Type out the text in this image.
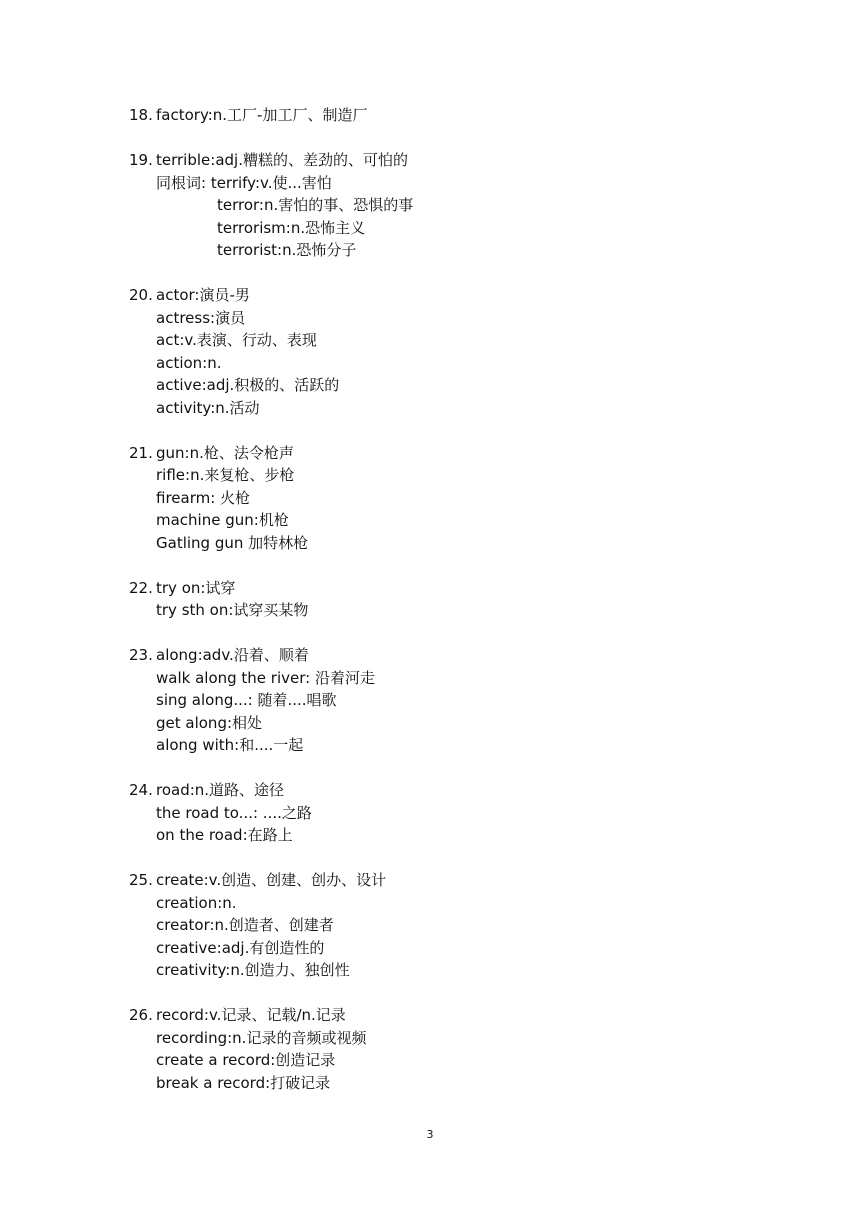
18. factory:n.工厂-加工厂、制造厂
19. terrible:adj.糟糕的、差劲的、可怕的
同根词: terrify:v.使...害怕
terror:n.害怕的事、恐惧的事
terrorism:n.恐怖主义
terrorist:n.恐怖分子
20. actor:演员-男
actress:演员
act:v.表演、行动、表现
action:n.
active:adj.积极的、活跃的
activity:n.活动
21. gun:n.枪、法令枪声
rifle:n.来复枪、步枪
firearm: 火枪
machine gun:机枪
Gatling gun 加特林枪
22. try on:试穿
try sth on:试穿买某物
23. along:adv.沿着、顺着
walk along the river: 沿着河走
sing along...: 随着....唱歌
get along:相处
along with:和....一起
24. road:n.道路、途径
the road to...: ....之路
on the road:在路上
25. create:v.创造、创建、创办、设计
creation:n.
creator:n.创造者、创建者
creative:adj.有创造性的
creativity:n.创造力、独创性
26. record:v.记录、记载/n.记录
recording:n.记录的音频或视频
create a record:创造记录
break a record:打破记录
3
